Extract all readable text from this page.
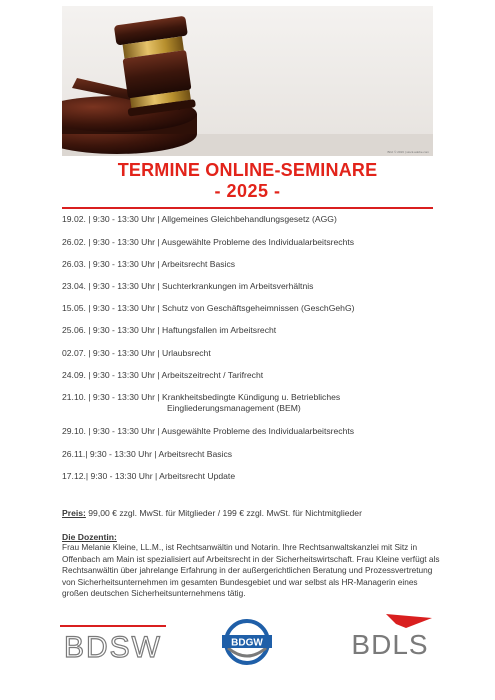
Bild: © 2016 | stock.adobe.com
TERMINE ONLINE-SEMINARE
- 2025 -
19.02. | 9:30 - 13:30 Uhr | Allgemeines Gleichbehandlungsgesetz (AGG)
26.02. | 9:30 - 13:30 Uhr | Ausgewählte Probleme des Individualarbeitsrechts
26.03. | 9:30 - 13:30 Uhr | Arbeitsrecht Basics
23.04. | 9:30 - 13:30 Uhr | Suchterkrankungen im Arbeitsverhältnis
15.05. | 9:30 - 13:30 Uhr | Schutz von Geschäftsgeheimnissen (GeschGehG)
25.06. | 9:30 - 13:30 Uhr | Haftungsfallen im Arbeitsrecht
02.07. | 9:30 - 13:30 Uhr | Urlaubsrecht
24.09. | 9:30 - 13:30 Uhr | Arbeitszeitrecht / Tarifrecht
21.10. | 9:30 - 13:30 Uhr | Krankheitsbedingte Kündigung u. Betriebliches
Eingliederungsmanagement (BEM)
29.10. | 9:30 - 13:30 Uhr | Ausgewählte Probleme des Individualarbeitsrechts
26.11.| 9:30 - 13:30 Uhr | Arbeitsrecht Basics
17.12.| 9:30 - 13:30 Uhr | Arbeitsrecht Update
Preis: 99,00 € zzgl. MwSt. für Mitglieder / 199 € zzgl. MwSt. für Nichtmitglieder
Die Dozentin:
Frau Melanie Kleine, LL.M., ist Rechtsanwältin und Notarin. Ihre Rechtsanwaltskanzlei mit Sitz in Offenbach am Main ist spezialisiert auf Arbeitsrecht in der Sicherheitswirtschaft. Frau Kleine verfügt als Rechtsanwältin über jahrelange Erfahrung in der außergerichtlichen Beratung und Prozessvertretung von Sicherheitsunternehmen im gesamten Bundesgebiet und war selbst als HR-Managerin eines großen deutschen Sicherheitsunternehmens tätig.
BDSW	BDGW	BDLS
